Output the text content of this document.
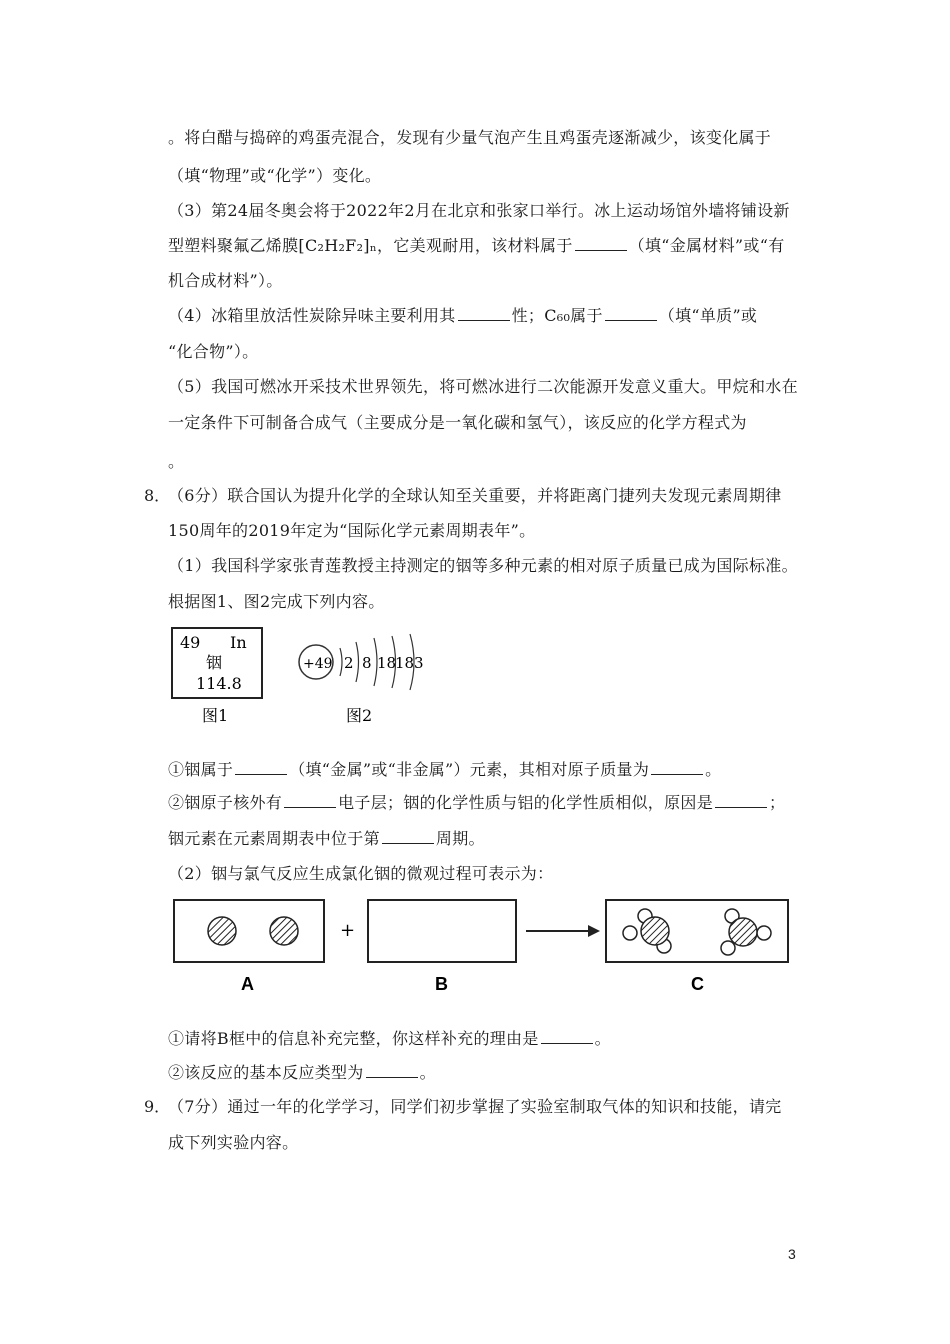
。将白醋与捣碎的鸡蛋壳混合，发现有少量气泡产生且鸡蛋壳逐渐减少，该变化属于
（填“物理”或“化学”）变化。
（3）第24届冬奥会将于2022年2月在北京和张家口举行。冰上运动场馆外墙将铺设新
型塑料聚氟乙烯膜[C₂H₂F₂]ₙ，它美观耐用，该材料属于	（填“金属材料”或“有
机合成材料”）。
（4）冰箱里放活性炭除异味主要利用其	性；C₆₀属于	（填“单质”或
“化合物”）。
（5）我国可燃冰开采技术世界领先，将可燃冰进行二次能源开发意义重大。甲烷和水在
一定条件下可制备合成气（主要成分是一氧化碳和氢气），该反应的化学方程式为
。
8．
（6分）联合国认为提升化学的全球认知至关重要，并将距离门捷列夫发现元素周期律
150周年的2019年定为“国际化学元素周期表年”。
（1）我国科学家张青莲教授主持测定的铟等多种元素的相对原子质量已成为国际标准。
根据图1、图2完成下列内容。
49 In
铟
114.8
图1
+49 2 8 18
18 3
图2
①铟属于	（填“金属”或“非金属”）元素，其相对原子质量为	。
②铟原子核外有	电子层；铟的化学性质与铝的化学性质相似，原因是	；
铟元素在元素周期表中位于第	周期。
（2）铟与氯气反应生成氯化铟的微观过程可表示为：
+
A	B	C
①请将B框中的信息补充完整，你这样补充的理由是	。
②该反应的基本反应类型为	。
9．
（7分）通过一年的化学学习，同学们初步掌握了实验室制取气体的知识和技能，请完
成下列实验内容。
3
